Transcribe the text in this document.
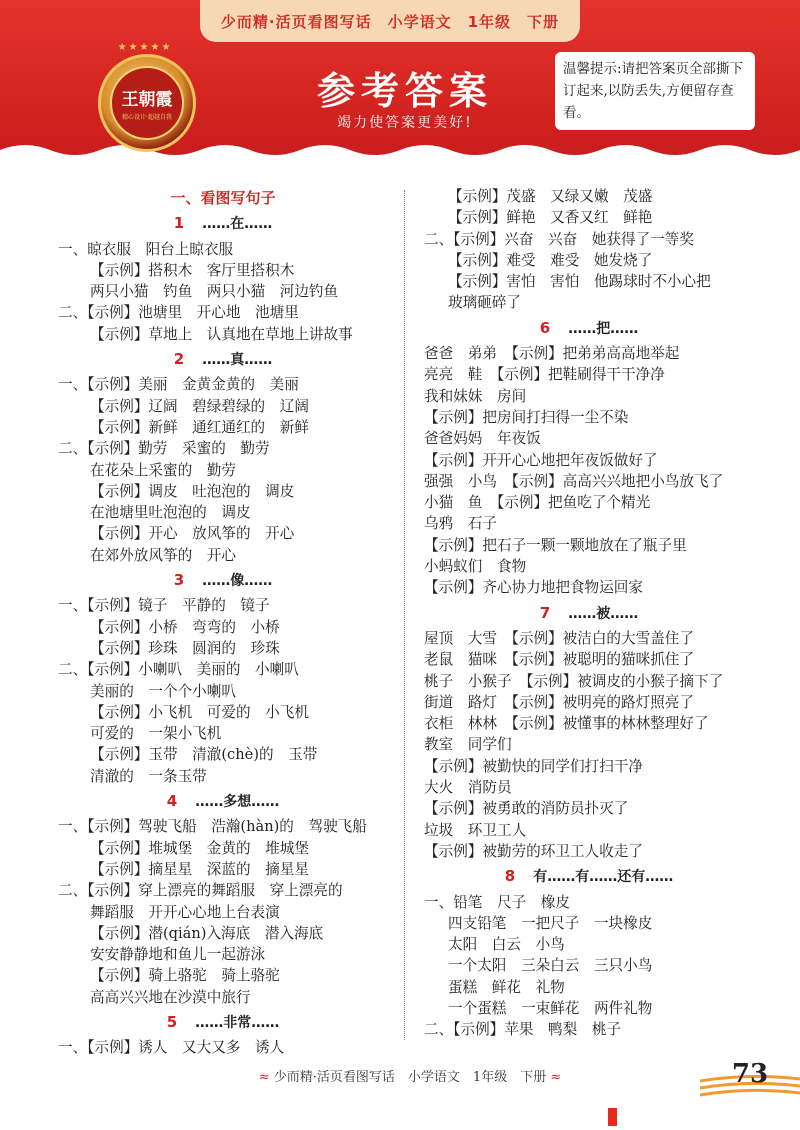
少而精·活页看图写话　小学语文　1年级　下册
★★★★★
王朝霞
精心设计·超越自我
参考答案
竭力使答案更美好!
温馨提示:请把答案页全部撕下订起来,以防丢失,方便留存查看。
一、看图写句子
1 ……在……
一、晾衣服　阳台上晾衣服
【示例】搭积木　客厅里搭积木
两只小猫　钓鱼　两只小猫　河边钓鱼
二、【示例】池塘里　开心地　池塘里
【示例】草地上　认真地在草地上讲故事
2 ……真……
一、【示例】美丽　金黄金黄的　美丽
【示例】辽阔　碧绿碧绿的　辽阔
【示例】新鲜　通红通红的　新鲜
二、【示例】勤劳　采蜜的　勤劳
在花朵上采蜜的　勤劳
【示例】调皮　吐泡泡的　调皮
在池塘里吐泡泡的　调皮
【示例】开心　放风筝的　开心
在郊外放风筝的　开心
3 ……像……
一、【示例】镜子　平静的　镜子
【示例】小桥　弯弯的　小桥
【示例】珍珠　圆润的　珍珠
二、【示例】小喇叭　美丽的　小喇叭
美丽的　一个个小喇叭
【示例】小飞机　可爱的　小飞机
可爱的　一架小飞机
【示例】玉带　清澈(chè)的　玉带
清澈的　一条玉带
4 ……多想……
一、【示例】驾驶飞船　浩瀚(hàn)的　驾驶飞船
【示例】堆城堡　金黄的　堆城堡
【示例】摘星星　深蓝的　摘星星
二、【示例】穿上漂亮的舞蹈服　穿上漂亮的
舞蹈服　开开心心地上台表演
【示例】潜(qián)入海底　潜入海底
安安静静地和鱼儿一起游泳
【示例】骑上骆驼　骑上骆驼
高高兴兴地在沙漠中旅行
5 ……非常……
一、【示例】诱人　又大又多　诱人
【示例】茂盛　又绿又嫩　茂盛
【示例】鲜艳　又香又红　鲜艳
二、【示例】兴奋　兴奋　她获得了一等奖
【示例】难受　难受　她发烧了
【示例】害怕　害怕　他踢球时不小心把
玻璃砸碎了
6 ……把……
爸爸　弟弟　【示例】把弟弟高高地举起
亮亮　鞋　【示例】把鞋刷得干干净净
我和妹妹　房间
【示例】把房间打扫得一尘不染
爸爸妈妈　年夜饭
【示例】开开心心地把年夜饭做好了
强强　小鸟　【示例】高高兴兴地把小鸟放飞了
小猫　鱼　【示例】把鱼吃了个精光
乌鸦　石子
【示例】把石子一颗一颗地放在了瓶子里
小蚂蚁们　食物
【示例】齐心协力地把食物运回家
7 ……被……
屋顶　大雪　【示例】被洁白的大雪盖住了
老鼠　猫咪　【示例】被聪明的猫咪抓住了
桃子　小猴子　【示例】被调皮的小猴子摘下了
街道　路灯　【示例】被明亮的路灯照亮了
衣柜　林林　【示例】被懂事的林林整理好了
教室　同学们
【示例】被勤快的同学们打扫干净
大火　消防员
【示例】被勇敢的消防员扑灭了
垃圾　环卫工人
【示例】被勤劳的环卫工人收走了
8 有……有……还有……
一、铅笔　尺子　橡皮
四支铅笔　一把尺子　一块橡皮
太阳　白云　小鸟
一个太阳　三朵白云　三只小鸟
蛋糕　鲜花　礼物
一个蛋糕　一束鲜花　两件礼物
二、【示例】苹果　鸭梨　桃子
≈ 少而精·活页看图写话　小学语文　1年级　下册 ≈	73
